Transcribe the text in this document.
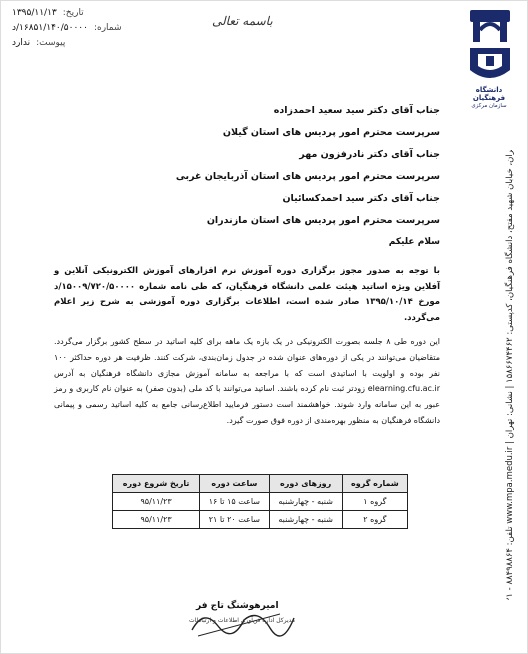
تاریخ:
۱۳۹۵/۱۱/۱۳
شماره:
۱۶۸۵۱/۱۴۰/۵۰۰۰۰/د
پیوست:
ندارد
باسمه تعالی
دانشگاه فرهنگیان
سازمان مرکزی
تلفن: ۸۸۴۹۸۸۶۴ - ۰۲۱ www.mpa.medu.ir | تهران، خیابان شهید مفتح، دانشگاه فرهنگیان، کدپستی: ۱۵۸۶۶۷۴۴۶۲ | نشانی: تهران
جناب آقای دکتر سید سعید احمدزاده
سرپرست محترم امور پردیس های استان گیلان
جناب آقای دکتر نادرفزون مهر
سرپرست محترم امور پردیس های استان آذربایجان غربی
جناب آقای دکتر سید احمدکسائیان
سرپرست محترم امور پردیس های استان مازندران
سلام علیکم
با توجه به صدور مجوز برگزاری دوره آموزش نرم افزارهای آموزش الکترونیکی آنلاین و آفلاین ویژه اساتید هیئت علمی دانشگاه فرهنگیان، که طی نامه شماره ۱۵۰۰۹/۷۲۰/۵۰۰۰۰/د مورخ ۱۳۹۵/۱۰/۱۴ صادر شده است، اطلاعات برگزاری دوره آموزشی به شرح زیر اعلام می‌گردد.
این دوره طی ۸ جلسه بصورت الکترونیکی در یک بازه یک ماهه برای کلیه اساتید در سطح کشور برگزار می‌گردد. متقاضیان می‌توانند در یکی از دوره‌های عنوان شده در جدول زمان‌بندی، شرکت کنند. ظرفیت هر دوره حداکثر ۱۰۰ نفر بوده و اولویت با اساتیدی است که با مراجعه به سامانه آموزش مجازی دانشگاه فرهنگیان به آدرس elearning.cfu.ac.ir زودتر ثبت نام کرده باشند. اساتید می‌توانند با کد ملی (بدون صفر) به عنوان نام کاربری و رمز عبور به این سامانه وارد شوند. خواهشمند است دستور فرمایید اطلاع‌رسانی جامع به کلیه اساتید رسمی و پیمانی دانشگاه فرهنگیان به منظور بهره‌مندی از دوره فوق صورت گیرد.
شماره گروه	روزهای دوره	ساعت دوره	تاریخ شروع دوره
گروه ۱	شنبه - چهارشنبه	ساعت ۱۵ تا ۱۶	۹۵/۱۱/۲۳
گروه ۲	شنبه - چهارشنبه	ساعت ۲۰ تا ۲۱	۹۵/۱۱/۲۳
امیرهوشنگ تاج فر
مدیرکل اداره فن‌آوری اطلاعات و ارتباطات
